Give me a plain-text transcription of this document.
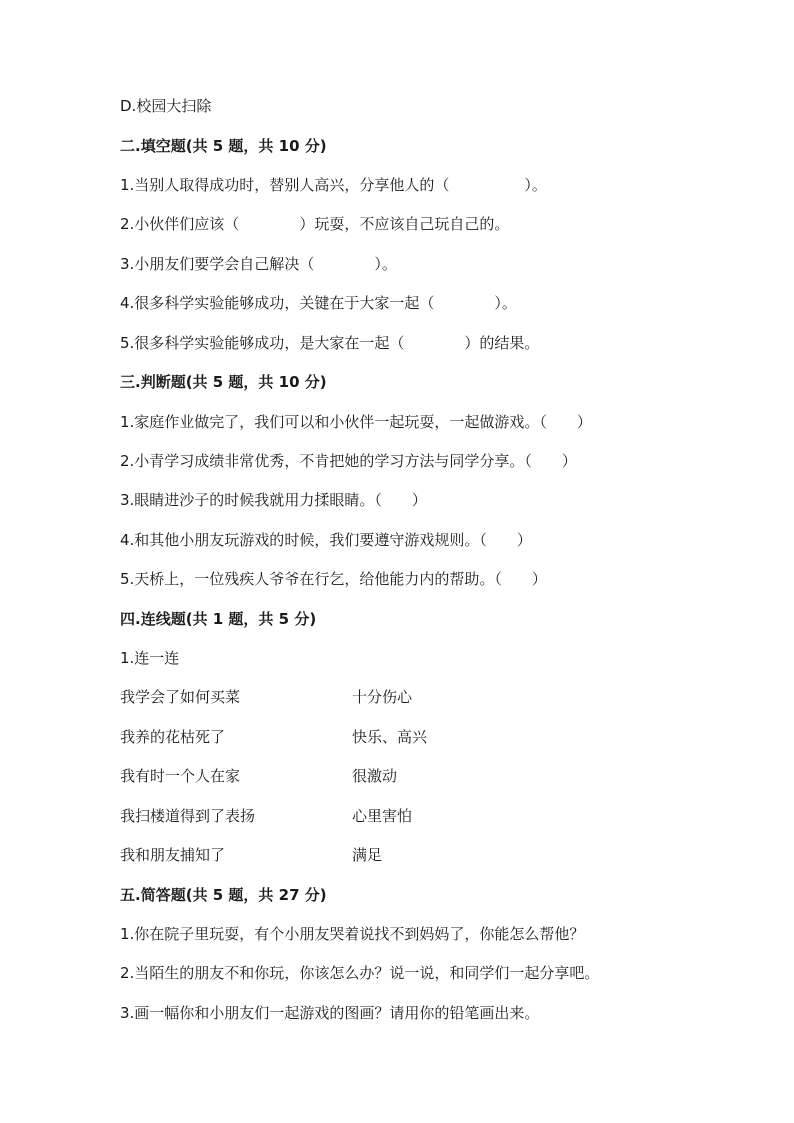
D.校园大扫除
二.填空题(共 5 题，共 10 分)
1.当别人取得成功时，替别人高兴，分享他人的（　　　　　）。
2.小伙伴们应该（　　　　）玩耍，不应该自己玩自己的。
3.小朋友们要学会自己解决（　　　　）。
4.很多科学实验能够成功，关键在于大家一起（　　　　）。
5.很多科学实验能够成功，是大家在一起（　　　　）的结果。
三.判断题(共 5 题，共 10 分)
1.家庭作业做完了，我们可以和小伙伴一起玩耍，一起做游戏。（　　）
2.小青学习成绩非常优秀，不肯把她的学习方法与同学分享。（　　）
3.眼睛进沙子的时候我就用力揉眼睛。（　　）
4.和其他小朋友玩游戏的时候，我们要遵守游戏规则。（　　）
5.天桥上，一位残疾人爷爷在行乞，给他能力内的帮助。（　　）
四.连线题(共 1 题，共 5 分)
1.连一连
我学会了如何买菜	十分伤心
我养的花枯死了	快乐、高兴
我有时一个人在家	很激动
我扫楼道得到了表扬	心里害怕
我和朋友捕知了	满足
五.简答题(共 5 题，共 27 分)
1.你在院子里玩耍，有个小朋友哭着说找不到妈妈了，你能怎么帮他？
2.当陌生的朋友不和你玩，你该怎么办？说一说，和同学们一起分享吧。
3.画一幅你和小朋友们一起游戏的图画？请用你的铅笔画出来。
